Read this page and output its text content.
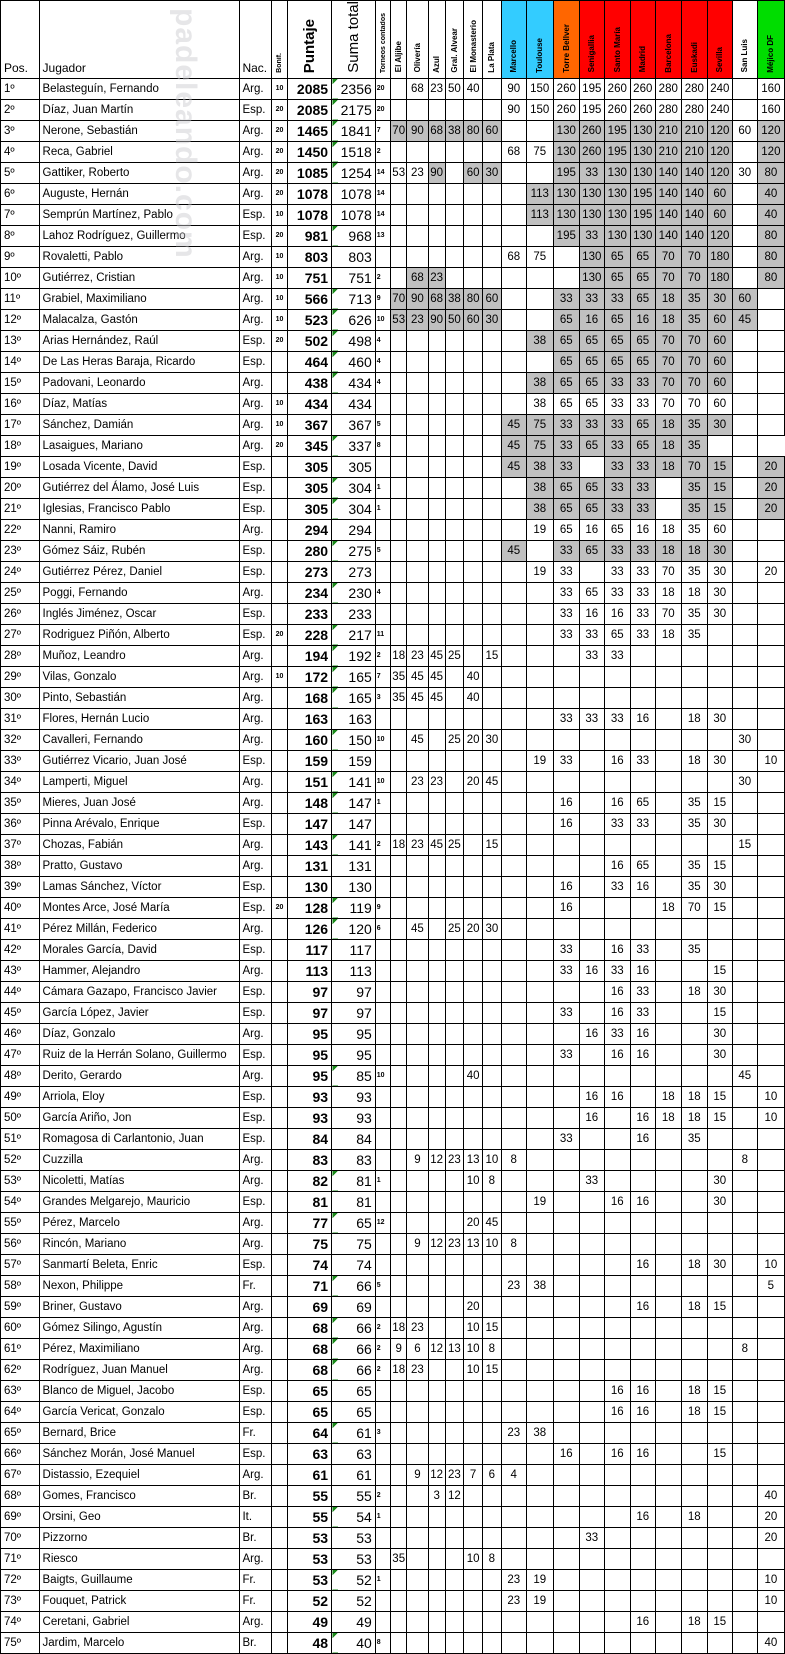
Pos.	Jugador	Nac.	Bonif.	Puntaje	Suma total	Torneos contados	El Aljibe	Olivería	Azul	Gral. Alvear	El Monasterio	La Plata	Marcello	Toulouse	Torre Bellver	Senigallia	Santo María	Madrid	Barcelona	Euskadi	Sevilla	San Luis	Méjico DF
1º	Belasteguín, Fernando	Arg.	10	2085	2356	20		68	23	50	40		90	150	260	195	260	260	280	280	240		160
2º	Díaz, Juan Martín	Esp.	20	2085	2175	20							90	150	260	195	260	260	280	280	240		160
3º	Nerone, Sebastián	Arg.	20	1465	1841	7	70	90	68	38	80	60			130	260	195	130	210	210	120	60	120
4º	Reca, Gabriel	Arg.	20	1450	1518	2							68	75	130	260	195	130	210	210	120		120
5º	Gattiker, Roberto	Arg.	20	1085	1254	14	53	23	90		60	30			195	33	130	130	140	140	120	30	80
6º	Auguste, Hernán	Arg.	20	1078	1078	14								113	130	130	130	195	140	140	60		40
7º	Semprún Martínez, Pablo	Esp.	10	1078	1078	14								113	130	130	130	195	140	140	60		40
8º	Lahoz Rodríguez, Guillermo	Esp.	20	981	968	13									195	33	130	130	140	140	120		80
9º	Rovaletti, Pablo	Arg.	10	803	803								68	75		130	65	65	70	70	180		80
10º	Gutiérrez, Cristian	Arg.	10	751	751	2		68	23							130	65	65	70	70	180		80
11º	Grabiel, Maximiliano	Arg.	10	566	713	9	70	90	68	38	80	60			33	33	33	65	18	35	30	60	
12º	Malacalza, Gastón	Arg.	10	523	626	10	53	23	90	50	60	30			65	16	65	16	18	35	60	45	
13º	Arias Hernández, Raúl	Esp.	20	502	498	4								38	65	65	65	65	70	70	60		
14º	De Las Heras Baraja, Ricardo	Esp.		464	460	4									65	65	65	65	70	70	60		
15º	Padovani, Leonardo	Arg.		438	434	4								38	65	65	33	33	70	70	60		
16º	Díaz, Matías	Arg.	10	434	434									38	65	65	33	33	70	70	60		
17º	Sánchez, Damián	Arg.	10	367	367	5							45	75	33	33	33	65	18	35	30		
18º	Lasaigues, Mariano	Arg.	20	345	337	8							45	75	33	65	33	65	18	35			
19º	Losada Vicente, David	Esp.		305	305								45	38	33		33	33	18	70	15		20
20º	Gutiérrez del Álamo, José Luis	Esp.		305	304	1								38	65	65	33	33		35	15		20
21º	Iglesias, Francisco Pablo	Esp.		305	304	1								38	65	65	33	33		35	15		20
22º	Nanni, Ramiro	Arg.		294	294									19	65	16	65	16	18	35	60		
23º	Gómez Sáiz, Rubén	Esp.		280	275	5							45		33	65	33	33	18	18	30		
24º	Gutiérrez Pérez, Daniel	Esp.		273	273									19	33		33	33	70	35	30		20
25º	Poggi, Fernando	Arg.		234	230	4									33	65	33	33	18	18	30		
26º	Inglés Jiménez, Oscar	Esp.		233	233										33	16	16	33	70	35	30		
27º	Rodriguez Piñón, Alberto	Esp.	20	228	217	11									33	33	65	33	18	35			
28º	Muñoz, Leandro	Arg.		194	192	2	18	23	45	25		15				33	33						
29º	Vilas, Gonzalo	Arg.	10	172	165	7	35	45	45		40												
30º	Pinto, Sebastián	Arg.		168	165	3	35	45	45		40												
31º	Flores, Hernán Lucio	Arg.		163	163										33	33	33	16		18	30		
32º	Cavalleri, Fernando	Arg.		160	150	10		45		25	20	30										30	
33º	Gutiérrez Vicario, Juan José	Esp.		159	159									19	33		16	33		18	30		10
34º	Lamperti, Miguel	Arg.		151	141	10		23	23		20	45										30	
35º	Mieres, Juan José	Arg.		148	147	1									16		16	65		35	15		
36º	Pinna Arévalo, Enrique	Esp.		147	147										16		33	33		35	30		
37º	Chozas, Fabián	Arg.		143	141	2	18	23	45	25		15										15	
38º	Pratto, Gustavo	Arg.		131	131												16	65		35	15		
39º	Lamas Sánchez, Víctor	Esp.		130	130										16		33	16		35	30		
40º	Montes Arce, José María	Esp.	20	128	119	9									16				18	70	15		
41º	Pérez Millán, Federico	Arg.		126	120	6		45		25	20	30											
42º	Morales García, David	Esp.		117	117										33		16	33		35			
43º	Hammer, Alejandro	Arg.		113	113										33	16	33	16			15		
44º	Cámara Gazapo, Francisco Javier	Esp.		97	97												16	33		18	30		
45º	García López, Javier	Esp.		97	97										33		16	33			15		
46º	Díaz, Gonzalo	Arg.		95	95											16	33	16			30		
47º	Ruiz de la Herrán Solano, Guillermo	Esp.		95	95										33		16	16			30		
48º	Derito, Gerardo	Arg.		95	85	10					40											45	
49º	Arriola, Eloy	Esp.		93	93											16	16		18	18	15		10
50º	García Ariño, Jon	Esp.		93	93											16		16	18	18	15		10
51º	Romagosa di Carlantonio, Juan	Esp.		84	84										33			16		35			
52º	Cuzzilla	Arg.		83	83			9	12	23	13	10	8									8	
53º	Nicoletti, Matías	Arg.		82	81	1					10	8				33					30		
54º	Grandes Melgarejo, Mauricio	Esp.		81	81									19			16	16			30		
55º	Pérez, Marcelo	Arg.		77	65	12					20	45											
56º	Rincón, Mariano	Arg.		75	75			9	12	23	13	10	8										
57º	Sanmartí Beleta, Enric	Esp.		74	74													16		18	30		10
58º	Nexon, Philippe	Fr.		71	66	5							23	38									5
59º	Briner, Gustavo	Arg.		69	69						20							16		18	15		
60º	Gómez Silingo, Agustín	Arg.		68	66	2	18	23			10	15											
61º	Pérez, Maximiliano	Arg.		68	66	2	9	6	12	13	10	8										8	
62º	Rodríguez, Juan Manuel	Arg.		68	66	2	18	23			10	15											
63º	Blanco de Miguel, Jacobo	Esp.		65	65												16	16		18	15		
64º	García Vericat, Gonzalo	Esp.		65	65												16	16		18	15		
65º	Bernard, Brice	Fr.		64	61	3							23	38									
66º	Sánchez Morán, José Manuel	Esp.		63	63										16		16	16			15		
67º	Distassio, Ezequiel	Arg.		61	61			9	12	23	7	6	4										
68º	Gomes, Francisco	Br.		55	55	2			3	12													40
69º	Orsini, Geo	It.		55	54	1												16		18			20
70º	Pizzorno	Br.		53	53											33							20
71º	Riesco	Arg.		53	53		35				10	8											
72º	Baigts, Guillaume	Fr.		53	52	1							23	19									10
73º	Fouquet, Patrick	Fr.		52	52								23	19									10
74º	Ceretani, Gabriel	Arg.		49	49													16		18	15		
75º	Jardim, Marcelo	Br.		48	40	8																	40
padeleando.com
